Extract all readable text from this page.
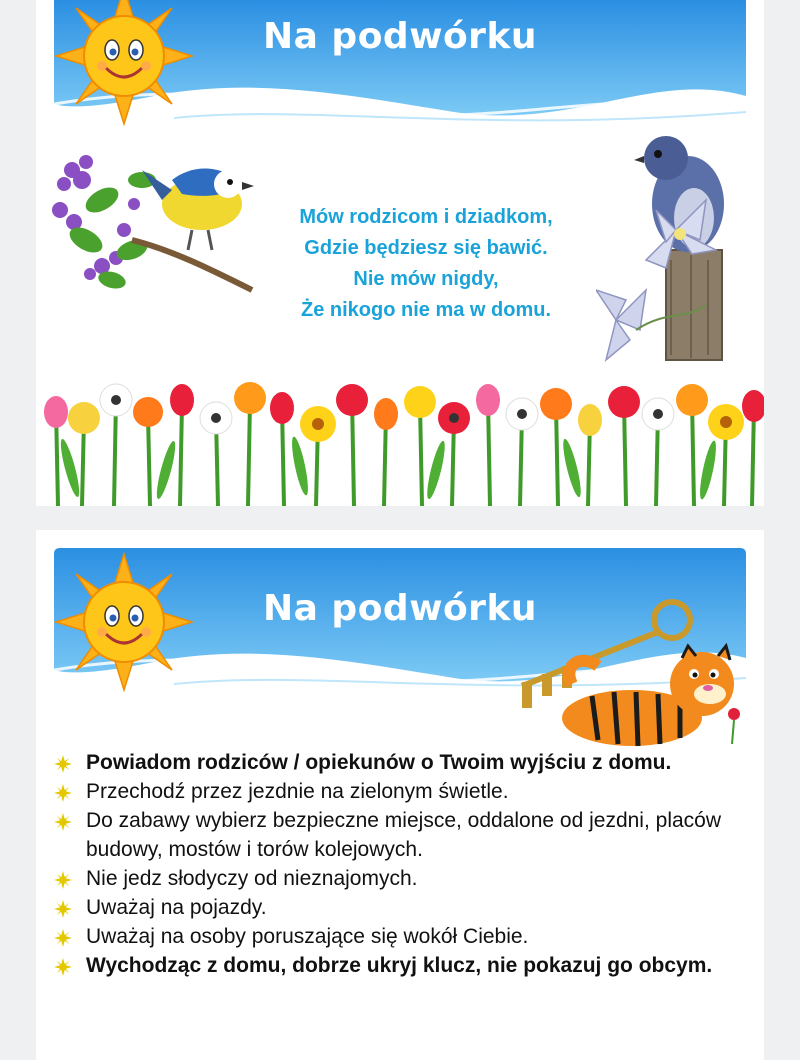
Na podwórku
Mów rodzicom i dziadkom,
Gdzie będziesz się bawić.
Nie mów nigdy,
Że nikogo nie ma w domu.
Na podwórku
Powiadom rodziców / opiekunów o Twoim wyjściu z domu.
Przechodź przez jezdnie na zielonym świetle.
Do zabawy wybierz bezpieczne miejsce, oddalone od jezdni, placów budowy, mostów i torów kolejowych.
Nie jedz słodyczy od nieznajomych.
Uważaj na pojazdy.
Uważaj na osoby poruszające się wokół Ciebie.
Wychodząc z domu, dobrze ukryj klucz, nie pokazuj go obcym.
